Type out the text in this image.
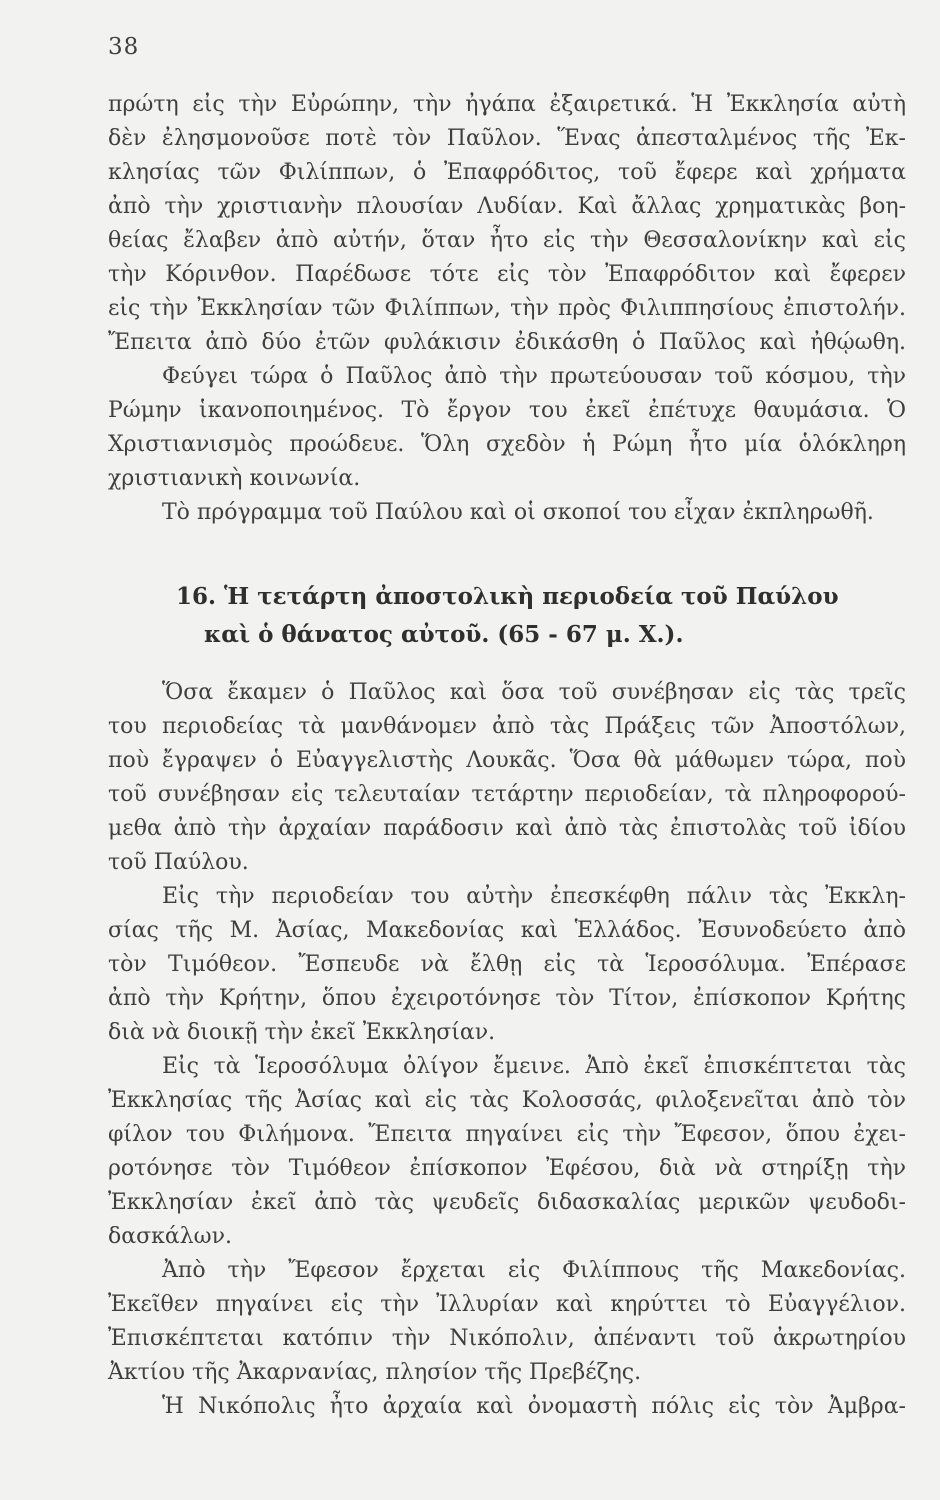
38
πρώτη εἰς τὴν Εὐρώπην, τὴν ἠγάπα ἐξαιρετικά. Ἡ Ἐκκλησία αὐτὴ
δὲν ἐλησμονοῦσε ποτὲ τὸν Παῦλον. Ἕνας ἀπεσταλμένος τῆς Ἐκ-
κλησίας τῶν Φιλίππων, ὁ Ἐπαφρόδιτος, τοῦ ἔφερε καὶ χρήματα
ἀπὸ τὴν χριστιανὴν πλουσίαν Λυδίαν. Καὶ ἄλλας χρηματικὰς βοη-
θείας ἔλαβεν ἀπὸ αὐτήν, ὅταν ἦτο εἰς τὴν Θεσσαλονίκην καὶ εἰς
τὴν Κόρινθον. Παρέδωσε τότε εἰς τὸν Ἐπαφρόδιτον καὶ ἔφερεν
εἰς τὴν Ἐκκλησίαν τῶν Φιλίππων, τὴν πρὸς Φιλιππησίους ἐπιστολήν.
Ἔπειτα ἀπὸ δύο ἐτῶν φυλάκισιν ἐδικάσθη ὁ Παῦλος καὶ ἠθῴωθη.
Φεύγει τώρα ὁ Παῦλος ἀπὸ τὴν πρωτεύουσαν τοῦ κόσμου, τὴν
Ρώμην ἱκανοποιημένος. Τὸ ἔργον του ἐκεῖ ἐπέτυχε θαυμάσια. Ὁ
Χριστιανισμὸς προώδευε. Ὅλη σχεδὸν ἡ Ρώμη ἦτο μία ὁλόκληρη
χριστιανικὴ κοινωνία.
Τὸ πρόγραμμα τοῦ Παύλου καὶ οἱ σκοποί του εἶχαν ἐκπληρωθῆ.
16. Ἡ τετάρτη ἀποστολικὴ περιοδεία τοῦ Παύλου
καὶ ὁ θάνατος αὐτοῦ. (65 - 67 μ. Χ.).
Ὅσα ἔκαμεν ὁ Παῦλος καὶ ὅσα τοῦ συνέβησαν εἰς τὰς τρεῖς
του περιοδείας τὰ μανθάνομεν ἀπὸ τὰς Πράξεις τῶν Ἀποστόλων,
ποὺ ἔγραψεν ὁ Εὐαγγελιστὴς Λουκᾶς. Ὅσα θὰ μάθωμεν τώρα, ποὺ
τοῦ συνέβησαν εἰς τελευταίαν τετάρτην περιοδείαν, τὰ πληροφορού-
μεθα ἀπὸ τὴν ἀρχαίαν παράδοσιν καὶ ἀπὸ τὰς ἐπιστολὰς τοῦ ἰδίου
τοῦ Παύλου.
Εἰς τὴν περιοδείαν του αὐτὴν ἐπεσκέφθη πάλιν τὰς Ἐκκλη-
σίας τῆς Μ. Ἀσίας, Μακεδονίας καὶ Ἑλλάδος. Ἐσυνοδεύετο ἀπὸ
τὸν Τιμόθεον. Ἔσπευδε νὰ ἔλθῃ εἰς τὰ Ἱεροσόλυμα. Ἐπέρασε
ἀπὸ τὴν Κρήτην, ὅπου ἐχειροτόνησε τὸν Τίτον, ἐπίσκοπον Κρήτης
διὰ νὰ διοικῇ τὴν ἐκεῖ Ἐκκλησίαν.
Εἰς τὰ Ἱεροσόλυμα ὀλίγον ἔμεινε. Ἀπὸ ἐκεῖ ἐπισκέπτεται τὰς
Ἐκκλησίας τῆς Ἀσίας καὶ εἰς τὰς Κολοσσάς, φιλοξενεῖται ἀπὸ τὸν
φίλον του Φιλήμονα. Ἔπειτα πηγαίνει εἰς τὴν Ἔφεσον, ὅπου ἐχει-
ροτόνησε τὸν Τιμόθεον ἐπίσκοπον Ἐφέσου, διὰ νὰ στηρίξῃ τὴν
Ἐκκλησίαν ἐκεῖ ἀπὸ τὰς ψευδεῖς διδασκαλίας μερικῶν ψευδοδι-
δασκάλων.
Ἀπὸ τὴν Ἔφεσον ἔρχεται εἰς Φιλίππους τῆς Μακεδονίας.
Ἐκεῖθεν πηγαίνει εἰς τὴν Ἰλλυρίαν καὶ κηρύττει τὸ Εὐαγγέλιον.
Ἐπισκέπτεται κατόπιν τὴν Νικόπολιν, ἀπέναντι τοῦ ἀκρωτηρίου
Ἀκτίου τῆς Ἀκαρνανίας, πλησίον τῆς Πρεβέζης.
Ἡ Νικόπολις ἦτο ἀρχαία καὶ ὀνομαστὴ πόλις εἰς τὸν Ἀμβρα-
